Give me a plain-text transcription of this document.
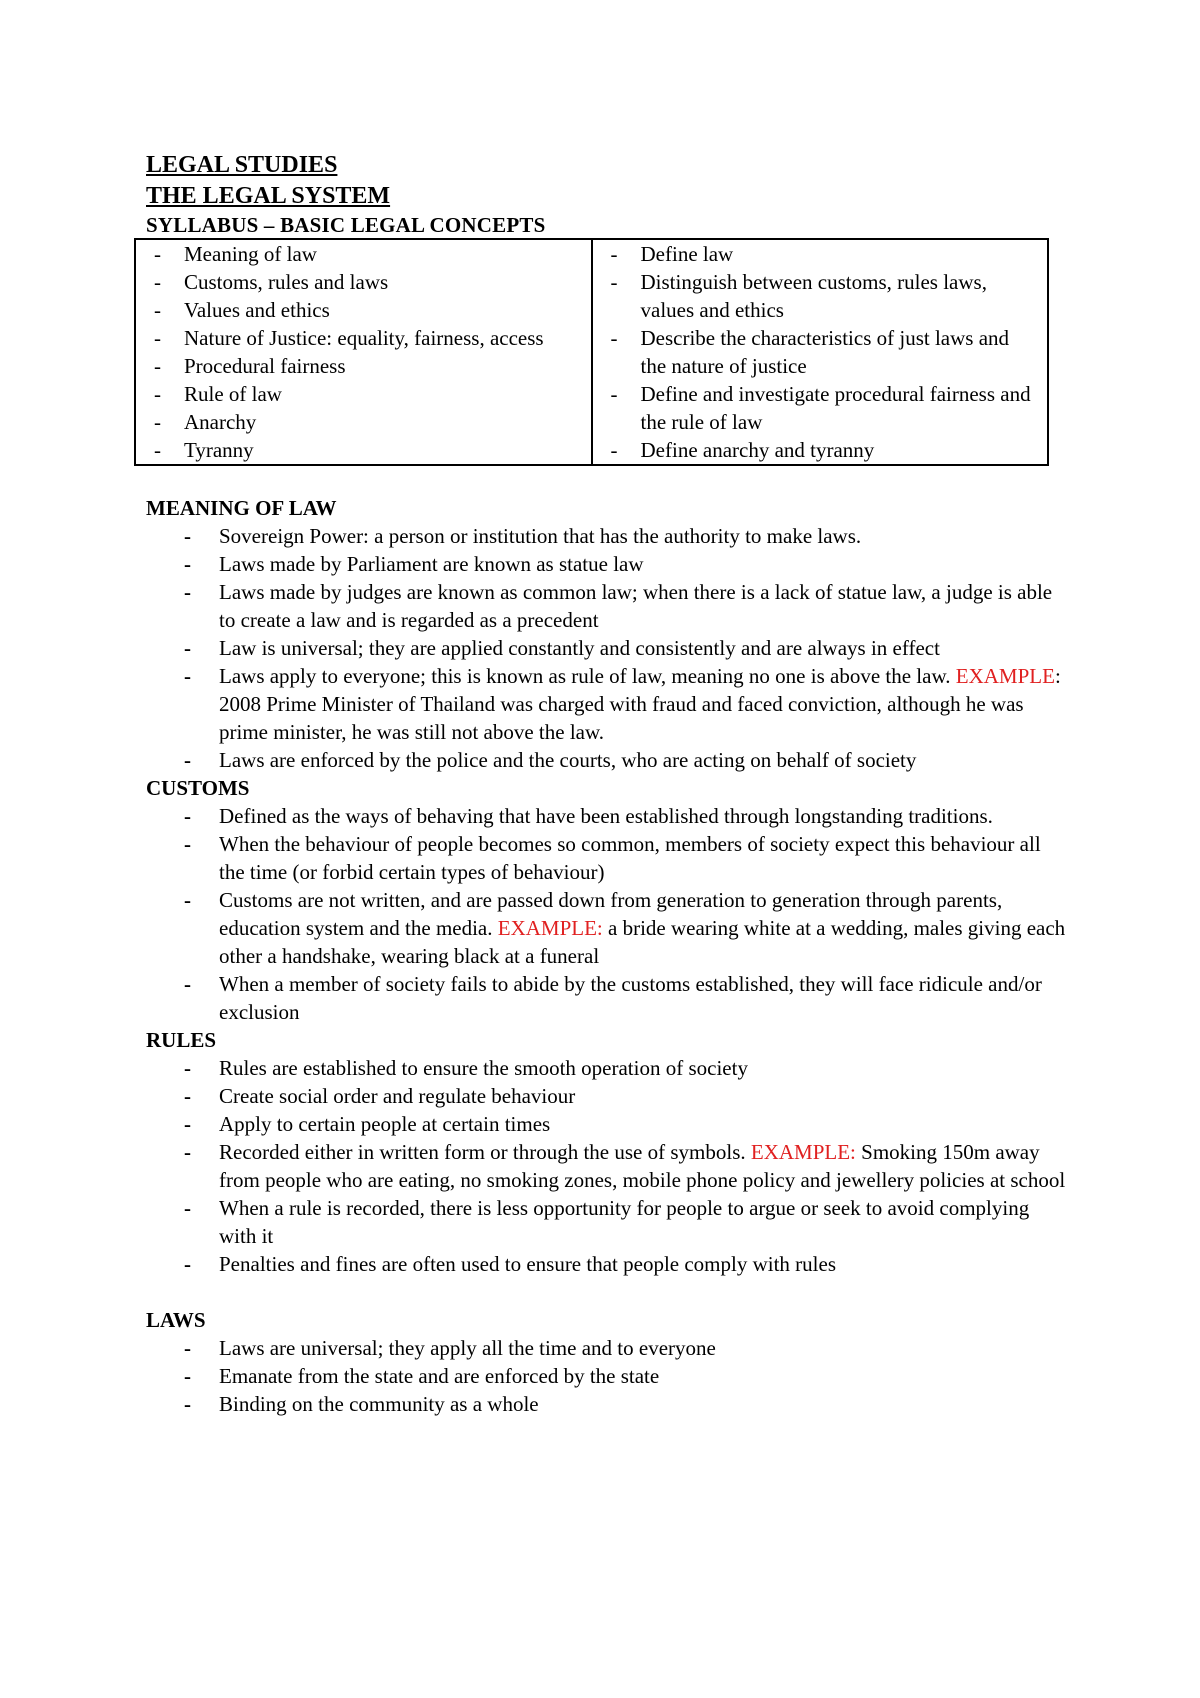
LEGAL STUDIES
THE LEGAL SYSTEM
SYLLABUS – BASIC LEGAL CONCEPTS
- Meaning of law
- Customs, rules and laws
- Values and ethics
- Nature of Justice: equality, fairness, access
- Procedural fairness
- Rule of law
- Anarchy
- Tyranny

- Define law
- Distinguish between customs, rules laws, values and ethics
- Describe the characteristics of just laws and the nature of justice
- Define and investigate procedural fairness and the rule of law
- Define anarchy and tyranny
MEANING OF LAW
- Sovereign Power: a person or institution that has the authority to make laws.
- Laws made by Parliament are known as statue law
- Laws made by judges are known as common law; when there is a lack of statue law, a judge is able to create a law and is regarded as a precedent
- Law is universal; they are applied constantly and consistently and are always in effect
- Laws apply to everyone; this is known as rule of law, meaning no one is above the law. EXAMPLE: 2008 Prime Minister of Thailand was charged with fraud and faced conviction, although he was prime minister, he was still not above the law.
- Laws are enforced by the police and the courts, who are acting on behalf of society
CUSTOMS
- Defined as the ways of behaving that have been established through longstanding traditions.
- When the behaviour of people becomes so common, members of society expect this behaviour all the time (or forbid certain types of behaviour)
- Customs are not written, and are passed down from generation to generation through parents, education system and the media. EXAMPLE: a bride wearing white at a wedding, males giving each other a handshake, wearing black at a funeral
- When a member of society fails to abide by the customs established, they will face ridicule and/or exclusion
RULES
- Rules are established to ensure the smooth operation of society
- Create social order and regulate behaviour
- Apply to certain people at certain times
- Recorded either in written form or through the use of symbols. EXAMPLE: Smoking 150m away from people who are eating, no smoking zones, mobile phone policy and jewellery policies at school
- When a rule is recorded, there is less opportunity for people to argue or seek to avoid complying with it
- Penalties and fines are often used to ensure that people comply with rules
LAWS
- Laws are universal; they apply all the time and to everyone
- Emanate from the state and are enforced by the state
- Binding on the community as a whole
